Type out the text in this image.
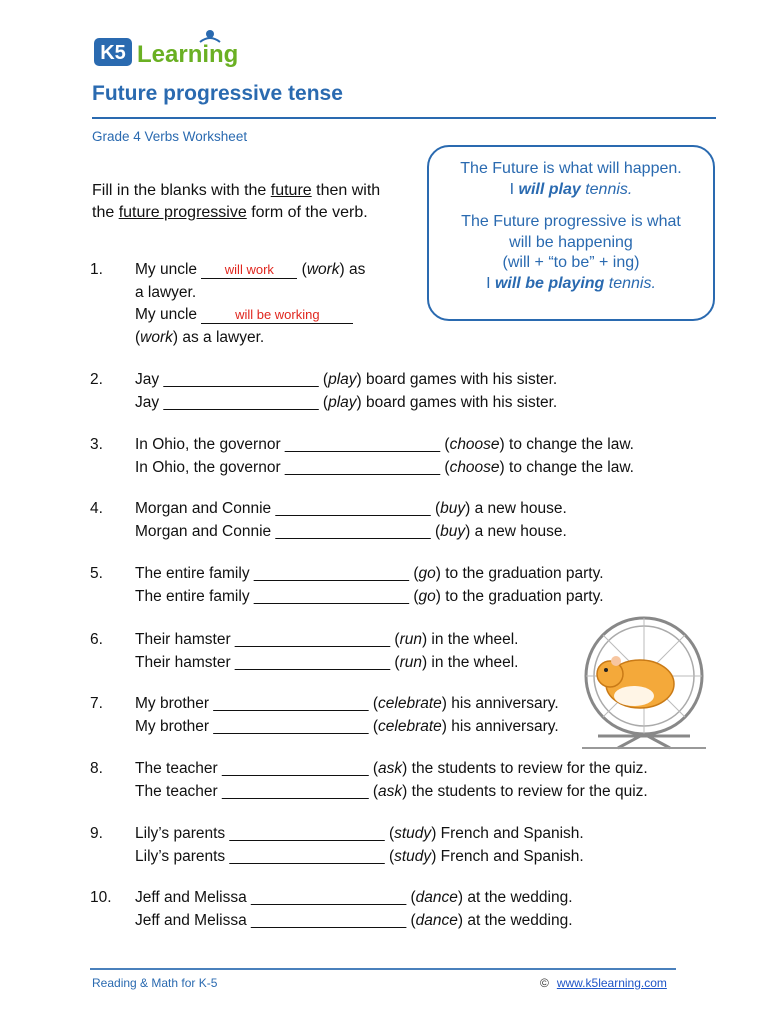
K5 Learning
Future progressive tense
Grade 4 Verbs Worksheet
Fill in the blanks with the future then with the future progressive form of the verb.
The Future is what will happen.
I will play tennis.
The Future progressive is what
will be happening
(will + “to be” + ing)
I will be playing tennis.
1.	My uncle will work (work) as
a lawyer.
My uncle	will be working
(work) as a lawyer.
2.	Jay __________________ (play) board games with his sister.
Jay __________________ (play) board games with his sister.
3.	In Ohio, the governor __________________ (choose) to change the law.
In Ohio, the governor __________________ (choose) to change the law.
4.	Morgan and Connie __________________ (buy) a new house.
Morgan and Connie __________________ (buy) a new house.
5.	The entire family __________________ (go) to the graduation party.
The entire family __________________ (go) to the graduation party.
6.	Their hamster __________________ (run) in the wheel.
Their hamster __________________ (run) in the wheel.
7.	My brother __________________ (celebrate) his anniversary.
My brother __________________ (celebrate) his anniversary.
8.	The teacher _________________ (ask) the students to review for the quiz.
The teacher _________________ (ask) the students to review for the quiz.
9.	Lily’s parents __________________ (study) French and Spanish.
Lily’s parents __________________ (study) French and Spanish.
10.	Jeff and Melissa __________________ (dance) at the wedding.
Jeff and Melissa __________________ (dance) at the wedding.
Reading & Math for K-5	© www.k5learning.com
